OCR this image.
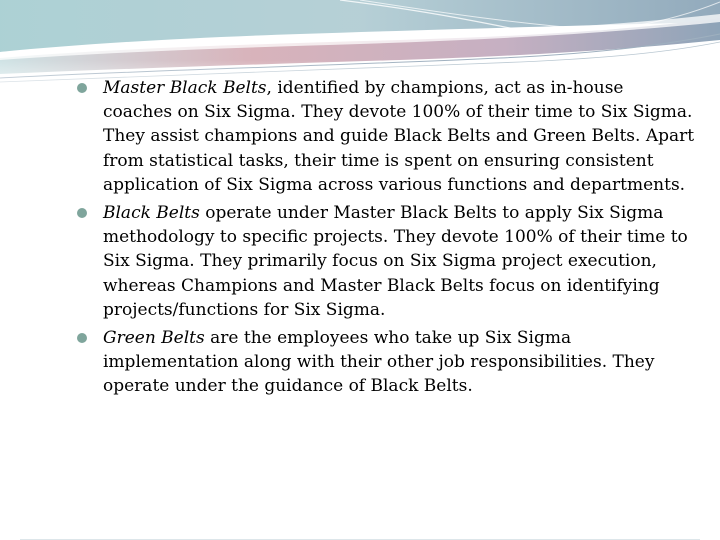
Master Black Belts, identified by champions, act as in-house coaches on Six Sigma. They devote 100% of their time to Six Sigma. They assist champions and guide Black Belts and Green Belts. Apart from statistical tasks, their time is spent on ensuring consistent application of Six Sigma across various functions and departments.
Black Belts operate under Master Black Belts to apply Six Sigma methodology to specific projects. They devote 100% of their time to Six Sigma. They primarily focus on Six Sigma project execution, whereas Champions and Master Black Belts focus on identifying projects/functions for Six Sigma.
Green Belts are the employees who take up Six Sigma implementation along with their other job responsibilities. They operate under the guidance of Black Belts.
